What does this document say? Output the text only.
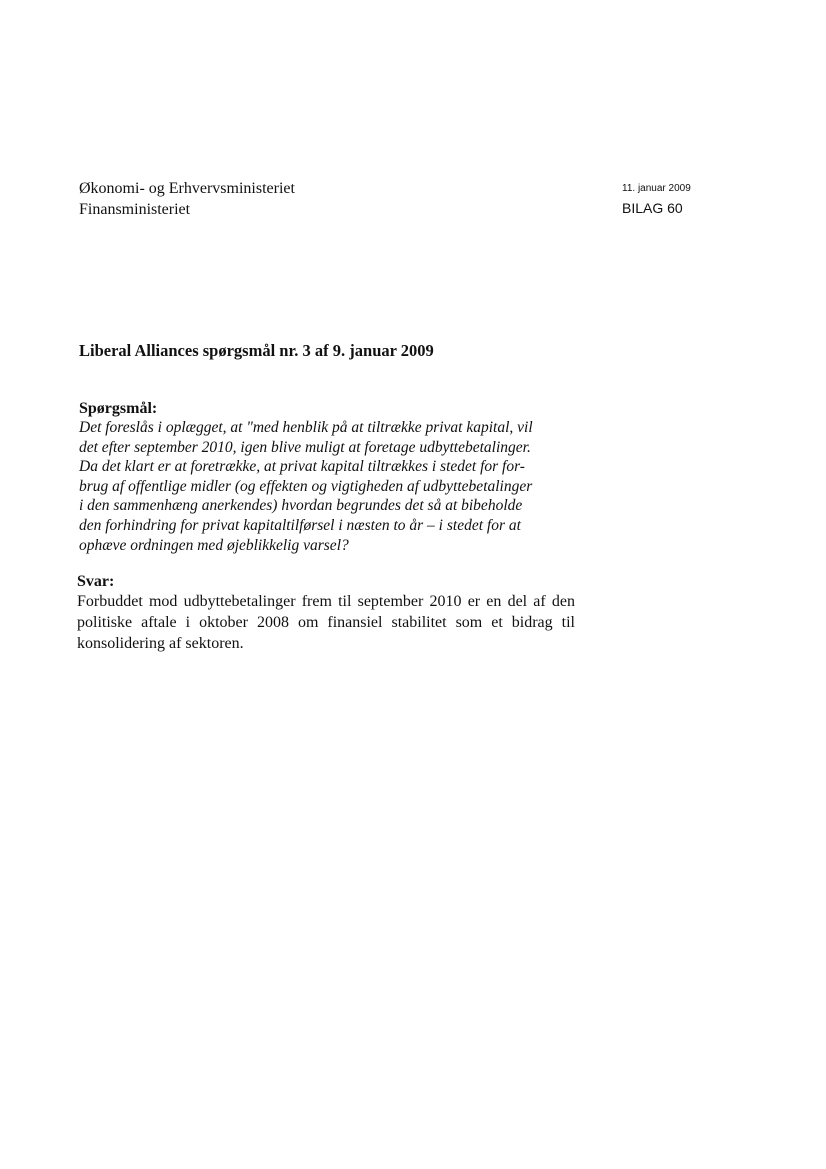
Økonomi- og Erhvervsministeriet
Finansministeriet
11. januar 2009
BILAG 60
Liberal Alliances spørgsmål nr. 3 af 9. januar 2009
Spørgsmål:
Det foreslås i oplægget, at "med henblik på at tiltrække privat kapital, vil
det efter september 2010, igen blive muligt at foretage udbyttebetalinger.
Da det klart er at foretrække, at privat kapital tiltrækkes i stedet for for-
brug af offentlige midler (og effekten og vigtigheden af udbyttebetalinger
i den sammenhæng anerkendes) hvordan begrundes det så at bibeholde
den forhindring for privat kapitaltilførsel i næsten to år – i stedet for at
ophæve ordningen med øjeblikkelig varsel?
Svar:
Forbuddet mod udbyttebetalinger frem til september 2010 er en del af den politiske aftale i oktober 2008 om finansiel stabilitet som et bidrag til konsolidering af sektoren.
